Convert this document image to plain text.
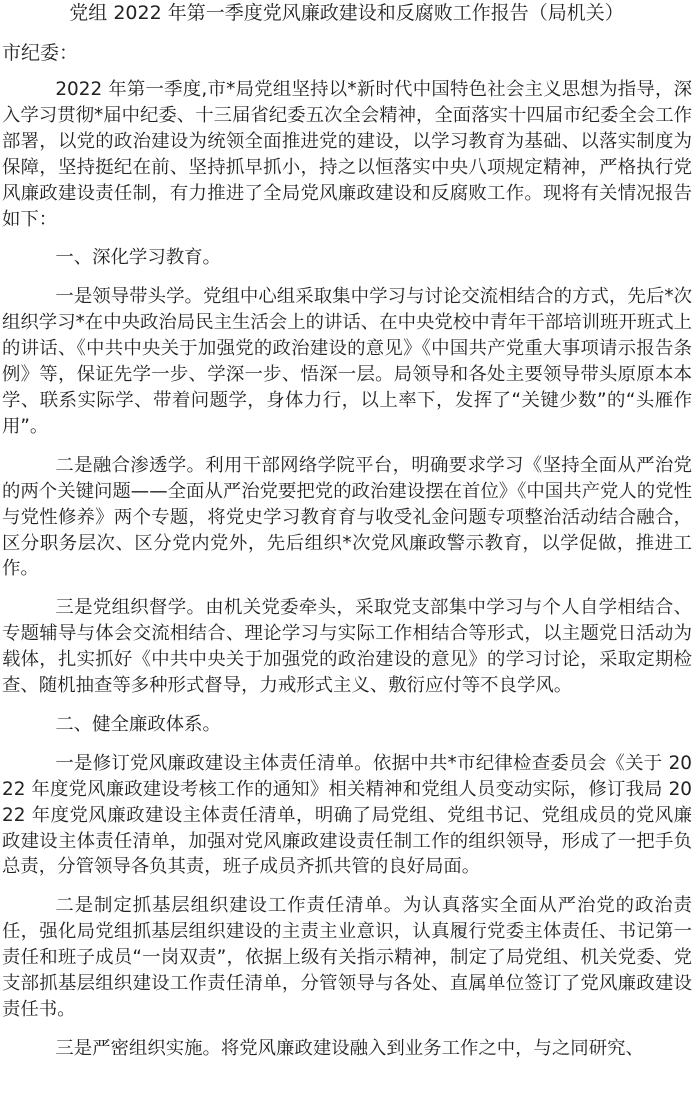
党组 2022 年第一季度党风廉政建设和反腐败工作报告（局机关）

市纪委：

2022 年第一季度,市*局党组坚持以*新时代中国特色社会主义思想为指导，深入学习贯彻*届中纪委、十三届省纪委五次全会精神，全面落实十四届市纪委全会工作部署，以党的政治建设为统领全面推进党的建设，以学习教育为基础、以落实制度为保障，坚持挺纪在前、坚持抓早抓小，持之以恒落实中央八项规定精神，严格执行党风廉政建设责任制，有力推进了全局党风廉政建设和反腐败工作。现将有关情况报告如下：

一、深化学习教育。

一是领导带头学。党组中心组采取集中学习与讨论交流相结合的方式，先后*次组织学习*在中央政治局民主生活会上的讲话、在中央党校中青年干部培训班开班式上的讲话、《中共中央关于加强党的政治建设的意见》《中国共产党重大事项请示报告条例》等，保证先学一步、学深一步、悟深一层。局领导和各处主要领导带头原原本本学、联系实际学、带着问题学，身体力行，以上率下，发挥了“关键少数”的“头雁作用”。

二是融合渗透学。利用干部网络学院平台，明确要求学习《坚持全面从严治党的两个关键问题——全面从严治党要把党的政治建设摆在首位》《中国共产党人的党性与党性修养》两个专题，将党史学习教育育与收受礼金问题专项整治活动结合融合，区分职务层次、区分党内党外，先后组织*次党风廉政警示教育，以学促做，推进工作。

三是党组织督学。由机关党委牵头，采取党支部集中学习与个人自学相结合、专题辅导与体会交流相结合、理论学习与实际工作相结合等形式，以主题党日活动为载体，扎实抓好《中共中央关于加强党的政治建设的意见》的学习讨论，采取定期检查、随机抽查等多种形式督导，力戒形式主义、敷衍应付等不良学风。

二、健全廉政体系。

一是修订党风廉政建设主体责任清单。依据中共*市纪律检查委员会《关于 2022 年度党风廉政建设考核工作的通知》相关精神和党组人员变动实际，修订我局 2022 年度党风廉政建设主体责任清单，明确了局党组、党组书记、党组成员的党风廉政建设主体责任清单，加强对党风廉政建设责任制工作的组织领导，形成了一把手负总责，分管领导各负其责，班子成员齐抓共管的良好局面。

二是制定抓基层组织建设工作责任清单。为认真落实全面从严治党的政治责任，强化局党组抓基层组织建设的主责主业意识，认真履行党委主体责任、书记第一责任和班子成员“一岗双责”，依据上级有关指示精神，制定了局党组、机关党委、党支部抓基层组织建设工作责任清单，分管领导与各处、直属单位签订了党风廉政建设责任书。

三是严密组织实施。将党风廉政建设融入到业务工作之中，与之同研究、
